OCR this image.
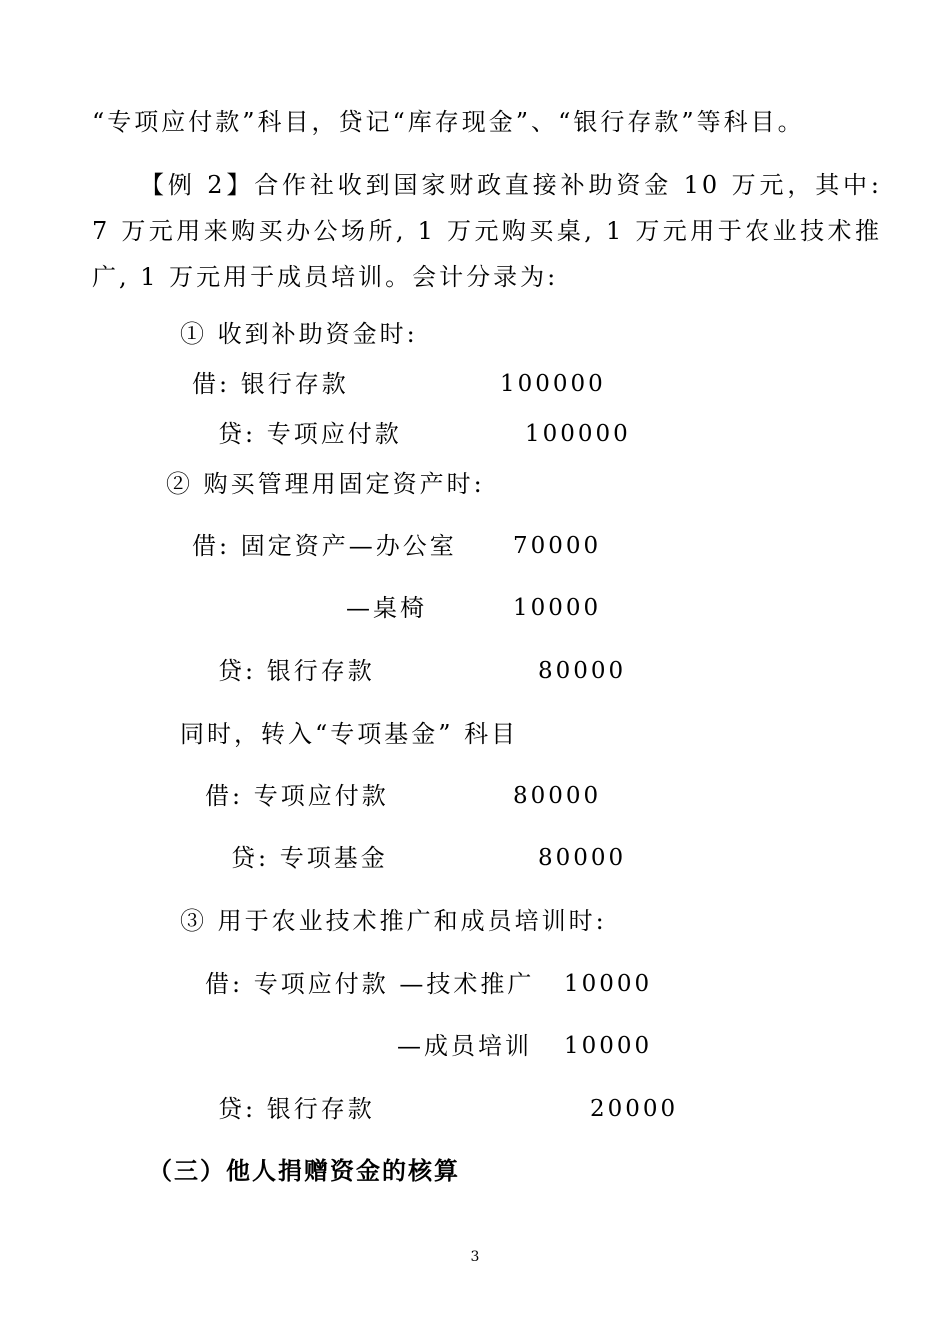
“专项应付款”科目，贷记“库存现金”、“银行存款”等科目。
【例 2】合作社收到国家财政直接补助资金 10 万元，其中: 7 万元用来购买办公场所, 1 万元购买桌, 1 万元用于农业技术推广, 1 万元用于成员培训。会计分录为:
① 收到补助资金时:
借: 银行存款	100000
贷: 专项应付款	100000
② 购买管理用固定资产时:
借: 固定资产—办公室 70000
—桌椅	10000
贷: 银行存款	80000
同时，转入“专项基金” 科目
借: 专项应付款	80000
贷: 专项基金	80000
③ 用于农业技术推广和成员培训时:
借: 专项应付款 —技术推广 10000
—成员培训 10000
贷: 银行存款	20000
（三）他人捐赠资金的核算
3
